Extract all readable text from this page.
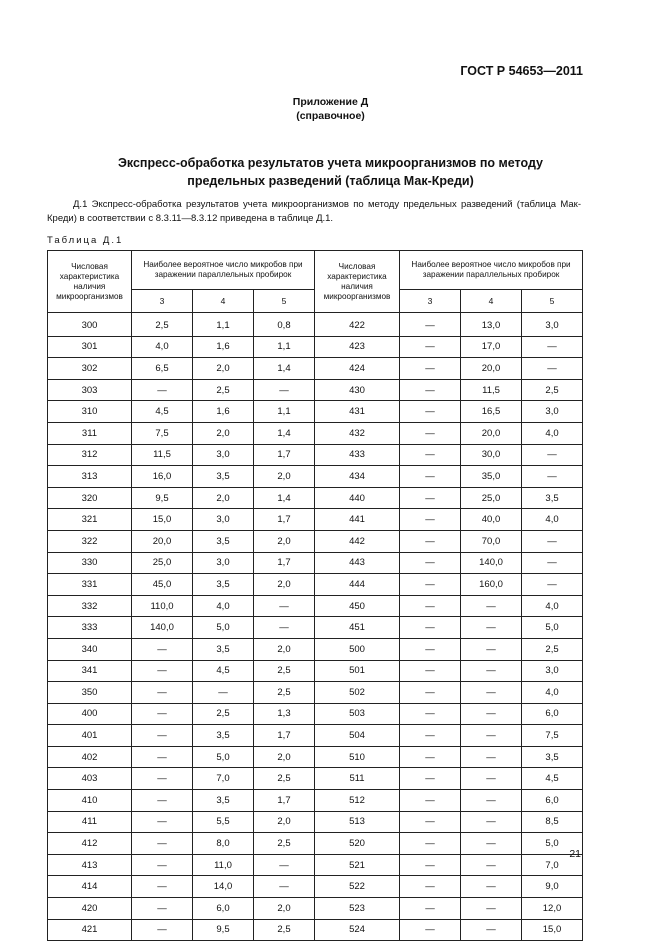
ГОСТ Р 54653—2011
Приложение Д
(справочное)
Экспресс-обработка результатов учета микроорганизмов по методу
предельных разведений (таблица Мак-Креди)
Д.1 Экспресс-обработка результатов учета микроорганизмов по методу предельных разведений (таблица Мак-Креди) в соответствии с 8.3.11—8.3.12 приведена в таблице Д.1.
Таблица Д.1
Числовая характеристика наличия микроорганизмов	Наиболее вероятное число микробов при заражении параллельных пробирок			Числовая характеристика наличия микроорганизмов	Наиболее вероятное число микробов при заражении параллельных пробирок		
	3	4	5		3	4	5
300	2,5	1,1	0,8	422	—	13,0	3,0
301	4,0	1,6	1,1	423	—	17,0	—
302	6,5	2,0	1,4	424	—	20,0	—
303	—	2,5	—	430	—	11,5	2,5
310	4,5	1,6	1,1	431	—	16,5	3,0
311	7,5	2,0	1,4	432	—	20,0	4,0
312	11,5	3,0	1,7	433	—	30,0	—
313	16,0	3,5	2,0	434	—	35,0	—
320	9,5	2,0	1,4	440	—	25,0	3,5
321	15,0	3,0	1,7	441	—	40,0	4,0
322	20,0	3,5	2,0	442	—	70,0	—
330	25,0	3,0	1,7	443	—	140,0	—
331	45,0	3,5	2,0	444	—	160,0	—
332	110,0	4,0	—	450	—	—	4,0
333	140,0	5,0	—	451	—	—	5,0
340	—	3,5	2,0	500	—	—	2,5
341	—	4,5	2,5	501	—	—	3,0
350	—	—	2,5	502	—	—	4,0
400	—	2,5	1,3	503	—	—	6,0
401	—	3,5	1,7	504	—	—	7,5
402	—	5,0	2,0	510	—	—	3,5
403	—	7,0	2,5	511	—	—	4,5
410	—	3,5	1,7	512	—	—	6,0
411	—	5,5	2,0	513	—	—	8,5
412	—	8,0	2,5	520	—	—	5,0
413	—	11,0	—	521	—	—	7,0
414	—	14,0	—	522	—	—	9,0
420	—	6,0	2,0	523	—	—	12,0
421	—	9,5	2,5	524	—	—	15,0
21
